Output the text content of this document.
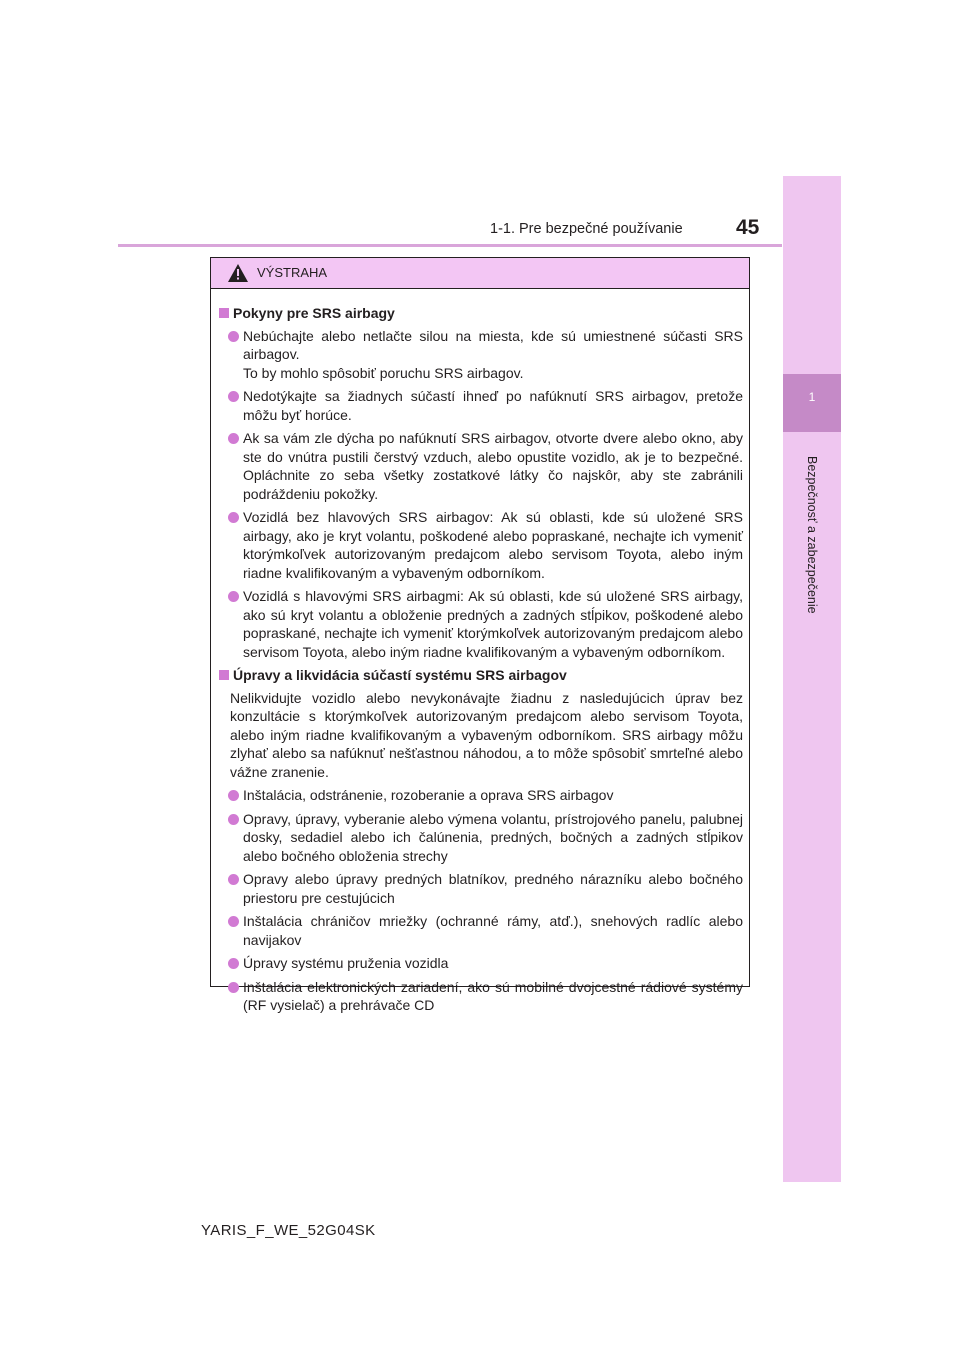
1-1. Pre bezpečné používanie	45
1
Bezpečnosť a zabezpečenie
VÝSTRAHA
Pokyny pre SRS airbagy
Nebúchajte alebo netlačte silou na miesta, kde sú umiestnené súčasti SRS airbagov.
To by mohlo spôsobiť poruchu SRS airbagov.
Nedotýkajte sa žiadnych súčastí ihneď po nafúknutí SRS airbagov, pretože môžu byť horúce.
Ak sa vám zle dýcha po nafúknutí SRS airbagov, otvorte dvere alebo okno, aby ste do vnútra pustili čerstvý vzduch, alebo opustite vozidlo, ak je to bezpečné. Opláchnite zo seba všetky zostatkové látky čo najskôr, aby ste zabránili podráždeniu pokožky.
Vozidlá bez hlavových SRS airbagov: Ak sú oblasti, kde sú uložené SRS airbagy, ako je kryt volantu, poškodené alebo popraskané, nechajte ich vymeniť ktorýmkoľvek autorizovaným predajcom alebo servisom Toyota, alebo iným riadne kvalifikovaným a vybaveným odborníkom.
Vozidlá s hlavovými SRS airbagmi: Ak sú oblasti, kde sú uložené SRS airbagy, ako sú kryt volantu a obloženie predných a zadných stĺpikov, poškodené alebo popraskané, nechajte ich vymeniť ktorýmkoľvek autorizovaným predajcom alebo servisom Toyota, alebo iným riadne kvalifikovaným a vybaveným odborníkom.
Úpravy a likvidácia súčastí systému SRS airbagov
Nelikvidujte vozidlo alebo nevykonávajte žiadnu z nasledujúcich úprav bez konzultácie s ktorýmkoľvek autorizovaným predajcom alebo servisom Toyota, alebo iným riadne kvalifikovaným a vybaveným odborníkom. SRS airbagy môžu zlyhať alebo sa nafúknuť nešťastnou náhodou, a to môže spôsobiť smrteľné alebo vážne zranenie.
Inštalácia, odstránenie, rozoberanie a oprava SRS airbagov
Opravy, úpravy, vyberanie alebo výmena volantu, prístrojového panelu, palubnej dosky, sedadiel alebo ich čalúnenia, predných, bočných a zadných stĺpikov alebo bočného obloženia strechy
Opravy alebo úpravy predných blatníkov, predného nárazníku alebo bočného priestoru pre cestujúcich
Inštalácia chráničov mriežky (ochranné rámy, atď.), snehových radlíc alebo navijakov
Úpravy systému pruženia vozidla
Inštalácia elektronických zariadení, ako sú mobilné dvojcestné rádiové systémy (RF vysielač) a prehrávače CD
YARIS_F_WE_52G04SK
